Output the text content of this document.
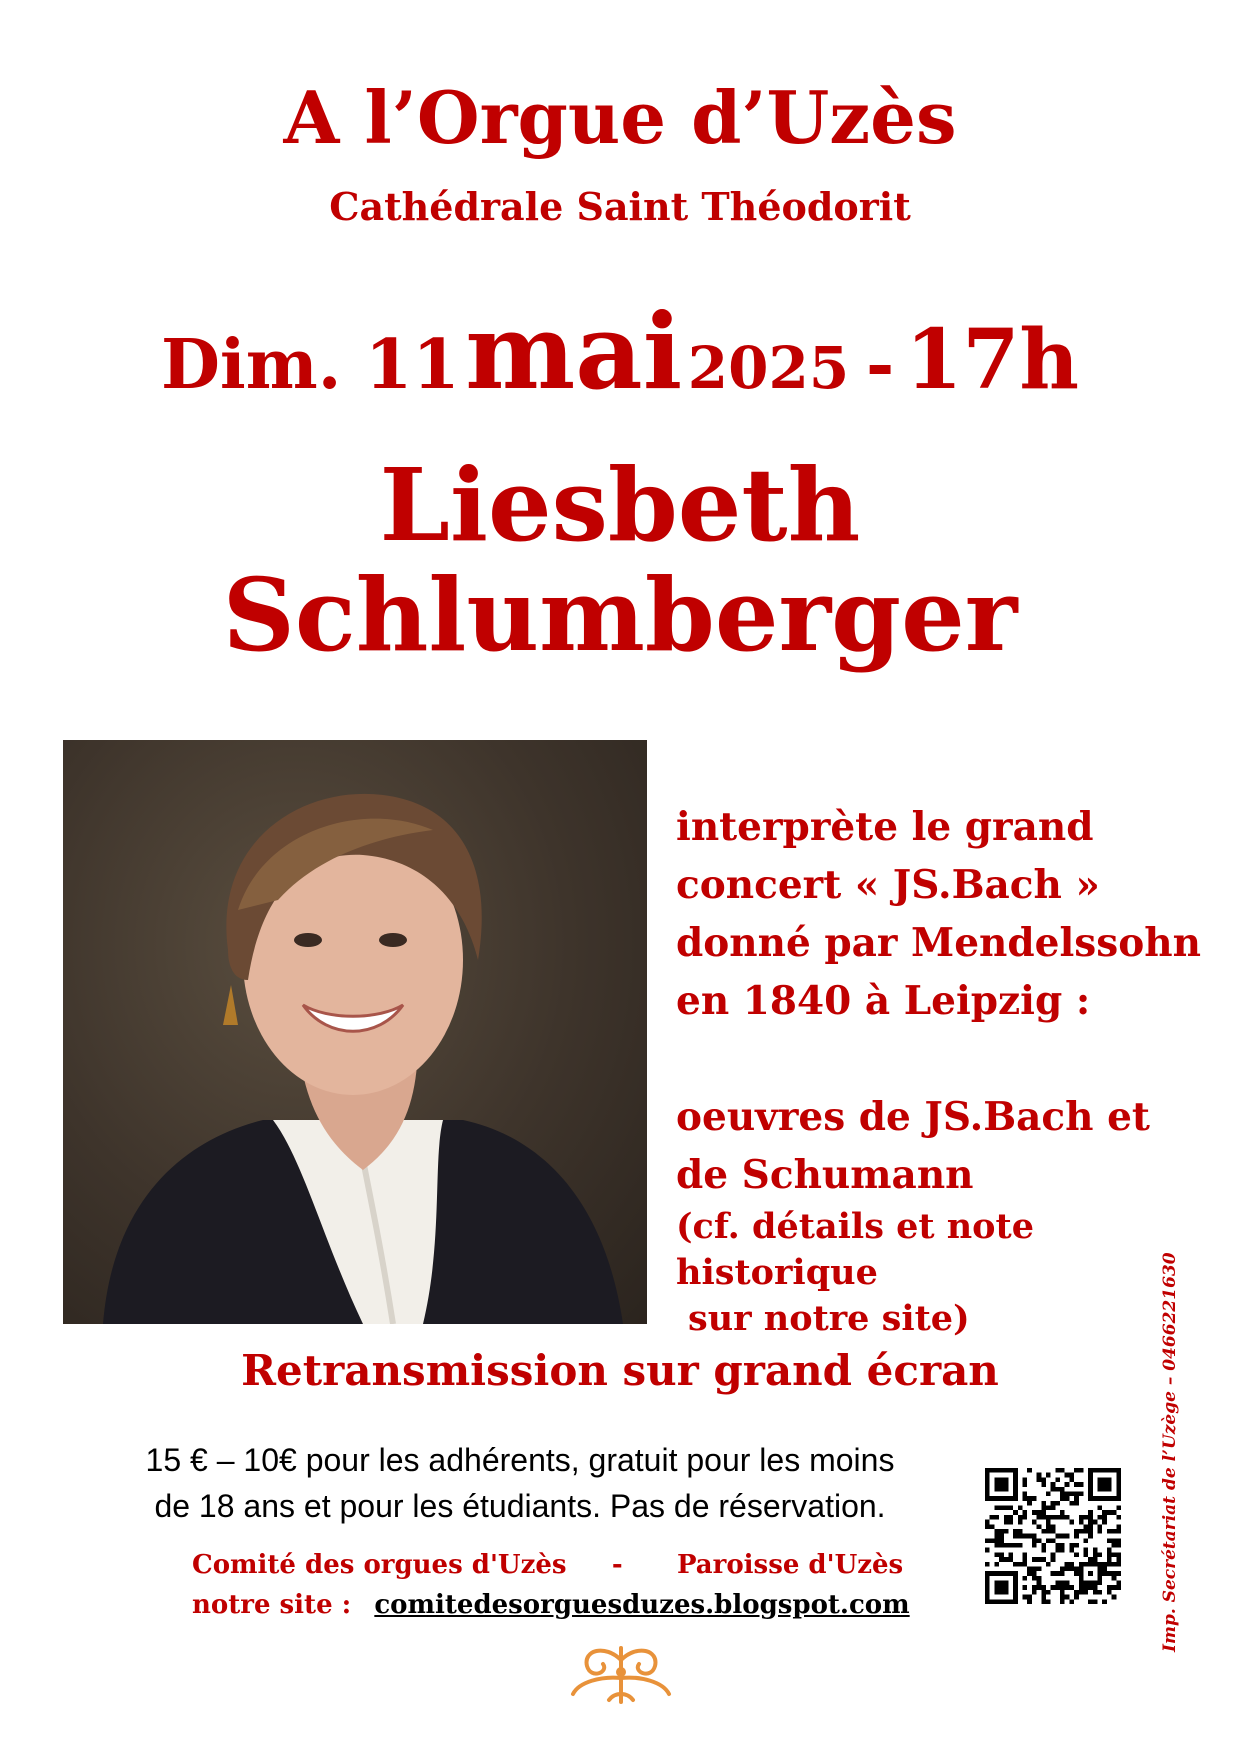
A l’Orgue d’Uzès
Cathédrale Saint Théodorit
Dim. 11 mai 2025 - 17h
Liesbeth
Schlumberger

interprète le grand

concert « JS.Bach »

donné par Mendelssohn

en 1840 à Leipzig :

oeuvres de JS.Bach et

de Schumann

(cf. détails et note historique

sur notre site)

Retransmission sur grand écran
15 € – 10€ pour les adhérents, gratuit pour les moins
de 18 ans et pour les étudiants. Pas de réservation.
Comité des orgues d'Uzès - Paroisse d'Uzès
notre site : comitedesorguesduzes.blogspot.com	Imp. Secrétariat de l’Uzège – 0466221630
